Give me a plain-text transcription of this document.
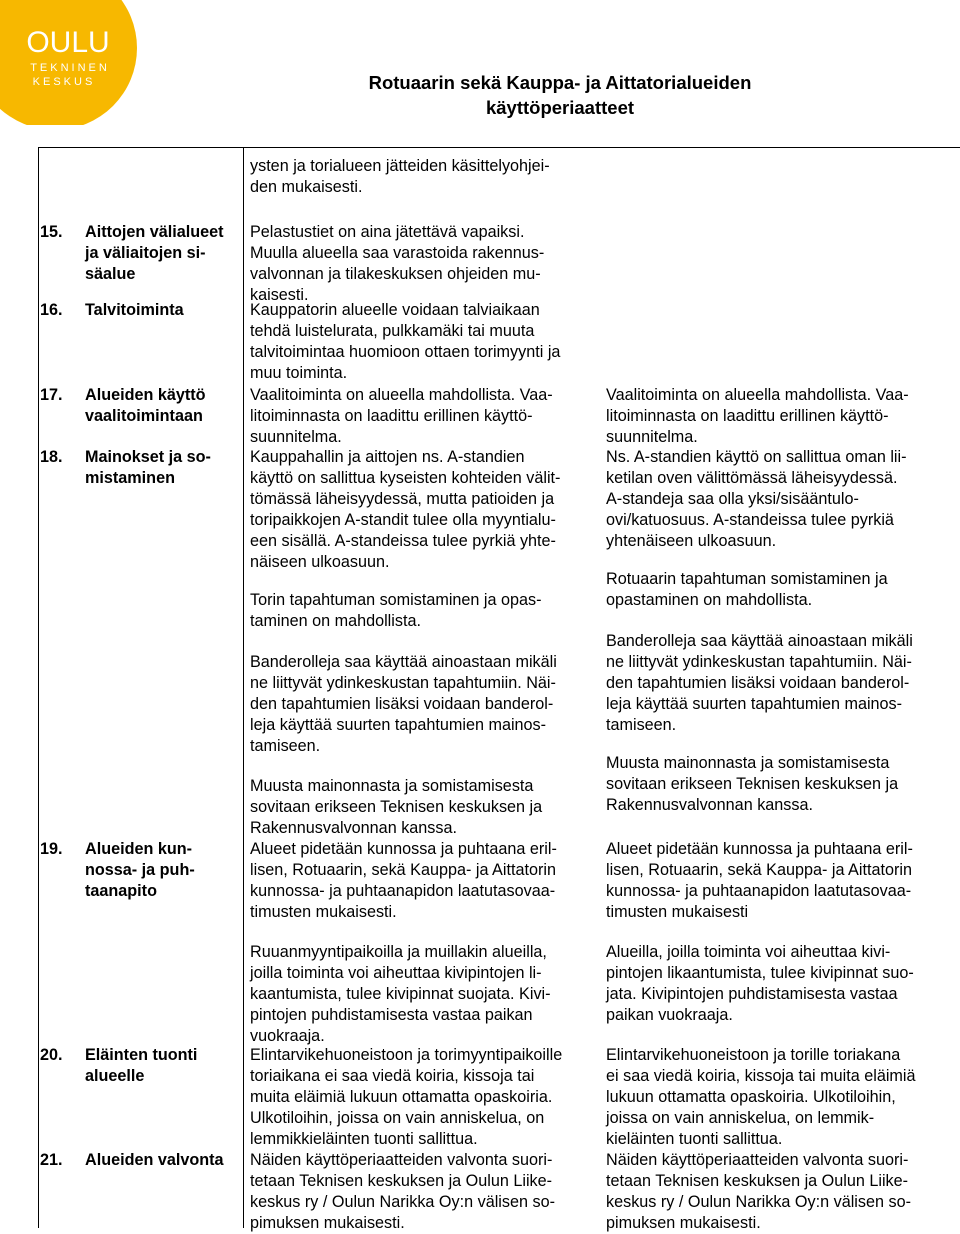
OULU
TEKNINEN
KESKUS	Rotuaarin sekä Kauppa- ja Aittatorialueiden
käyttöperiaatteet
ysten ja torialueen jätteiden käsittelyohjei-
den mukaisesti.
15. Aittojen välialueet
ja väliaitojen si-
säalue
Pelastustiet on aina jätettävä vapaiksi.
Muulla alueella saa varastoida rakennus-
valvonnan ja tilakeskuksen ohjeiden mu-
kaisesti.
16. Talvitoiminta	Kauppatorin alueelle voidaan talviaikaan
tehdä luistelurata, pulkkamäki tai muuta
talvitoimintaa huomioon ottaen torimyynti ja
muu toiminta.
17. Alueiden käyttö
vaalitoimintaan
Vaalitoiminta on alueella mahdollista. Vaa-
litoiminnasta on laadittu erillinen käyttö-
suunnitelma.
Vaalitoiminta on alueella mahdollista. Vaa-
litoiminnasta on laadittu erillinen käyttö-
suunnitelma.
18. Mainokset ja so-
mistaminen
Kauppahallin ja aittojen ns. A-standien
käyttö on sallittua kyseisten kohteiden välit-
tömässä läheisyydessä, mutta patioiden ja
toripaikkojen A-standit tulee olla myyntialu-
een sisällä. A-standeissa tulee pyrkiä yhte-
näiseen ulkoasuun.
Torin tapahtuman somistaminen ja opas-
taminen on mahdollista.
Banderolleja saa käyttää ainoastaan mikäli
ne liittyvät ydinkeskustan tapahtumiin. Näi-
den tapahtumien lisäksi voidaan banderol-
leja käyttää suurten tapahtumien mainos-
tamiseen.
Muusta mainonnasta ja somistamisesta
sovitaan erikseen Teknisen keskuksen ja
Rakennusvalvonnan kanssa.
Ns. A-standien käyttö on sallittua oman lii-
ketilan oven välittömässä läheisyydessä.
A-standeja saa olla yksi/sisääntulo-
ovi/katuosuus. A-standeissa tulee pyrkiä
yhtenäiseen ulkoasuun.
Rotuaarin tapahtuman somistaminen ja
opastaminen on mahdollista.
Banderolleja saa käyttää ainoastaan mikäli
ne liittyvät ydinkeskustan tapahtumiin. Näi-
den tapahtumien lisäksi voidaan banderol-
leja käyttää suurten tapahtumien mainos-
tamiseen.
Muusta mainonnasta ja somistamisesta
sovitaan erikseen Teknisen keskuksen ja
Rakennusvalvonnan kanssa.
19. Alueiden kun-
nossa- ja puh-
taanapito
Alueet pidetään kunnossa ja puhtaana eril-
lisen, Rotuaarin, sekä Kauppa- ja Aittatorin
kunnossa- ja puhtaanapidon laatutasovaa-
timusten mukaisesti.
Ruuanmyyntipaikoilla ja muillakin alueilla,
joilla toiminta voi aiheuttaa kivipintojen li-
kaantumista, tulee kivipinnat suojata. Kivi-
pintojen puhdistamisesta vastaa paikan
vuokraaja.
Alueet pidetään kunnossa ja puhtaana eril-
lisen, Rotuaarin, sekä Kauppa- ja Aittatorin
kunnossa- ja puhtaanapidon laatutasovaa-
timusten mukaisesti
Alueilla, joilla toiminta voi aiheuttaa kivi-
pintojen likaantumista, tulee kivipinnat suo-
jata. Kivipintojen puhdistamisesta vastaa
paikan vuokraaja.
20. Eläinten tuonti
alueelle
Elintarvikehuoneistoon ja torimyyntipaikoille
toriaikana ei saa viedä koiria, kissoja tai
muita eläimiä lukuun ottamatta opaskoiria.
Ulkotiloihin, joissa on vain anniskelua, on
lemmikkieläinten tuonti sallittua.
Elintarvikehuoneistoon ja torille toriakana
ei saa viedä koiria, kissoja tai muita eläimiä
lukuun ottamatta opaskoiria. Ulkotiloihin,
joissa on vain anniskelua, on lemmik-
kieläinten tuonti sallittua.
21. Alueiden valvonta Näiden käyttöperiaatteiden valvonta suori-
tetaan Teknisen keskuksen ja Oulun Liike-
keskus ry / Oulun Narikka Oy:n välisen so-
pimuksen mukaisesti.
Näiden käyttöperiaatteiden valvonta suori-
tetaan Teknisen keskuksen ja Oulun Liike-
keskus ry / Oulun Narikka Oy:n välisen so-
pimuksen mukaisesti.
